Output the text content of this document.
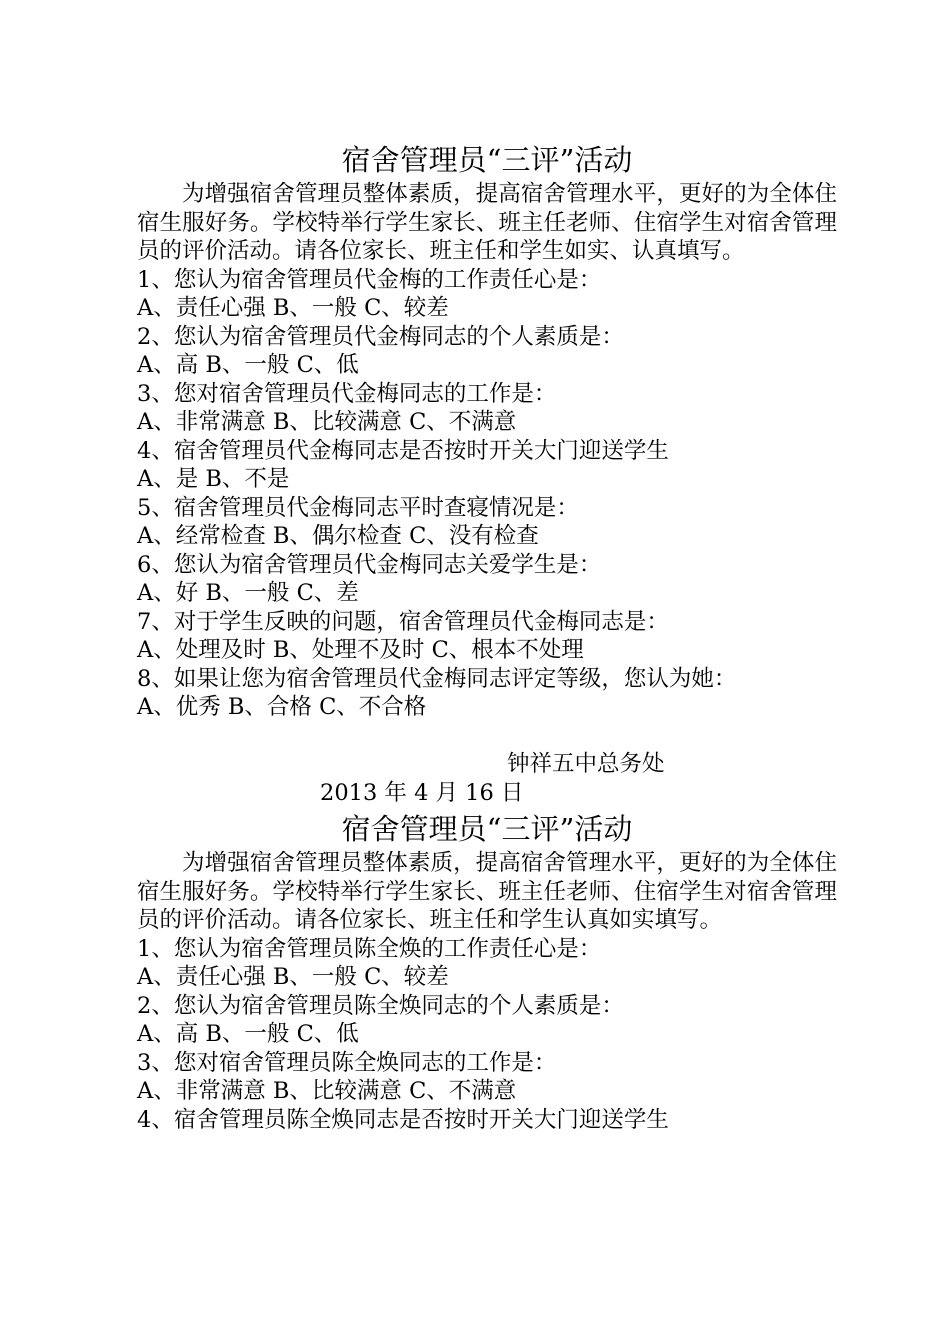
宿舍管理员“三评”活动

为增强宿舍管理员整体素质，提高宿舍管理水平，更好的为全体住宿生服好务。学校特举行学生家长、班主任老师、住宿学生对宿舍管理员的评价活动。请各位家长、班主任和学生如实、认真填写。

1、您认为宿舍管理员代金梅的工作责任心是：
A、责任心强 B、一般 C、较差
2、您认为宿舍管理员代金梅同志的个人素质是：
A、高 B、一般 C、低
3、您对宿舍管理员代金梅同志的工作是：
A、非常满意 B、比较满意 C、不满意
4、宿舍管理员代金梅同志是否按时开关大门迎送学生
A、是 B、不是
5、宿舍管理员代金梅同志平时查寝情况是：
A、经常检查 B、偶尔检查 C、没有检查
6、您认为宿舍管理员代金梅同志关爱学生是：
A、好 B、一般 C、差
7、对于学生反映的问题，宿舍管理员代金梅同志是：
A、处理及时 B、处理不及时 C、根本不处理
8、如果让您为宿舍管理员代金梅同志评定等级，您认为她：
A、优秀 B、合格 C、不合格
钟祥五中总务处
2013 年 4 月 16 日
宿舍管理员“三评”活动

为增强宿舍管理员整体素质，提高宿舍管理水平，更好的为全体住宿生服好务。学校特举行学生家长、班主任老师、住宿学生对宿舍管理员的评价活动。请各位家长、班主任和学生认真如实填写。

1、您认为宿舍管理员陈全焕的工作责任心是：
A、责任心强 B、一般 C、较差
2、您认为宿舍管理员陈全焕同志的个人素质是：
A、高 B、一般 C、低
3、您对宿舍管理员陈全焕同志的工作是：
A、非常满意 B、比较满意 C、不满意
4、宿舍管理员陈全焕同志是否按时开关大门迎送学生
